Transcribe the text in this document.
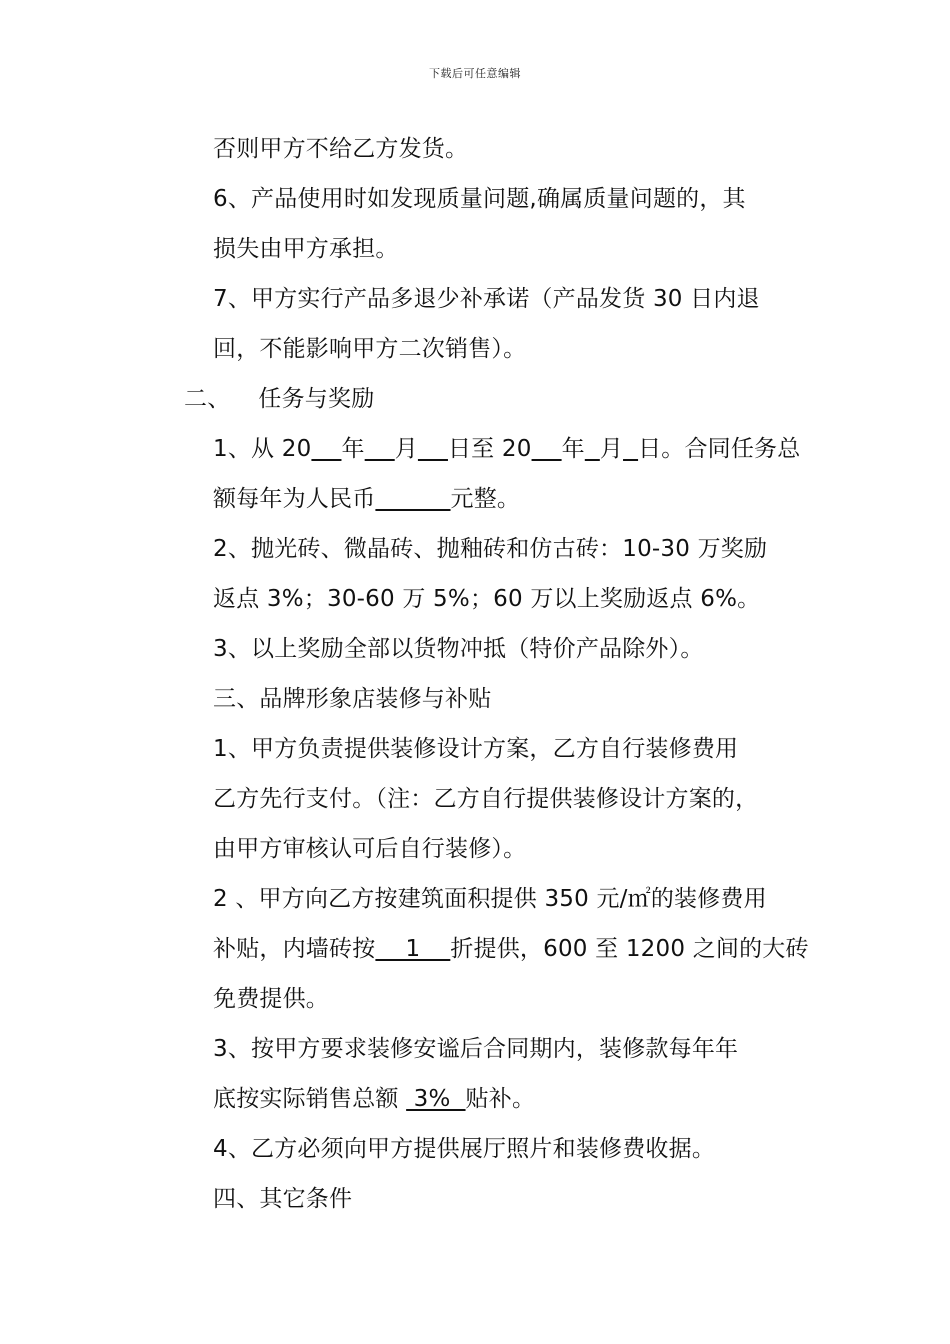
下载后可任意编辑
否则甲方不给乙方发货。
6、产品使用时如发现质量问题,确属质量问题的，其
损失由甲方承担。
7、甲方实行产品多退少补承诺（产品发货 30 日内退
回，不能影响甲方二次销售）。
二、 任务与奖励
1、从 20 年 月 日至 20 年 月 日。合同任务总
额每年为人民币	元整。
2、抛光砖、微晶砖、抛釉砖和仿古砖：10-30 万奖励
返点 3%；30-60 万 5%；60 万以上奖励返点 6%。
3、以上奖励全部以货物冲抵（特价产品除外）。
三、品牌形象店装修与补贴
1、甲方负责提供装修设计方案，乙方自行装修费用
乙方先行支付。（注：乙方自行提供装修设计方案的，
由甲方审核认可后自行装修）。
2 、甲方向乙方按建筑面积提供 350 元/㎡的装修费用
补贴，内墙砖按    1    折提供，600 至 1200 之间的大砖
免费提供。
3、按甲方要求装修安谧后合同期内，装修款每年年
底按实际销售总额  3%  贴补。
4、乙方必须向甲方提供展厅照片和装修费收据。
四、其它条件
